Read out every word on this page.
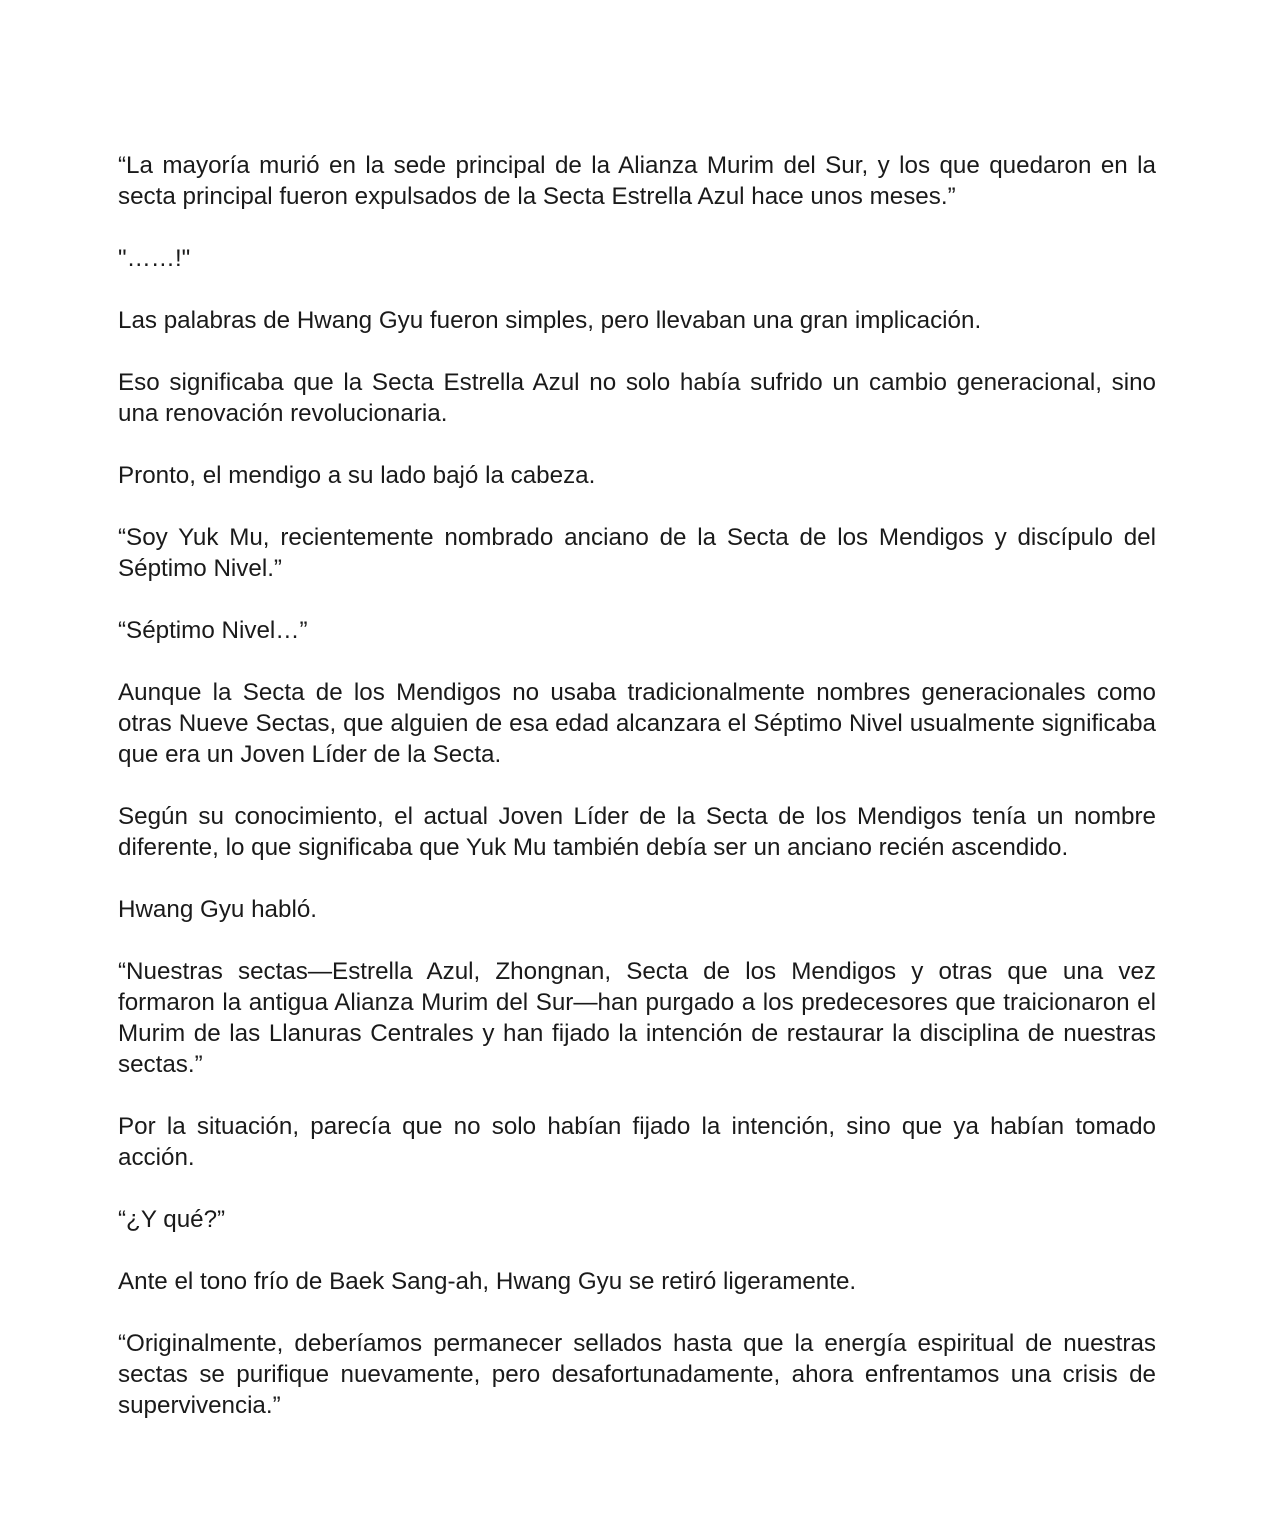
“La mayoría murió en la sede principal de la Alianza Murim del Sur, y los que quedaron en la secta principal fueron expulsados de la Secta Estrella Azul hace unos meses.”

"……!"

Las palabras de Hwang Gyu fueron simples, pero llevaban una gran implicación.

Eso significaba que la Secta Estrella Azul no solo había sufrido un cambio generacional, sino una renovación revolucionaria.

Pronto, el mendigo a su lado bajó la cabeza.

“Soy Yuk Mu, recientemente nombrado anciano de la Secta de los Mendigos y discípulo del Séptimo Nivel.”

“Séptimo Nivel…”

Aunque la Secta de los Mendigos no usaba tradicionalmente nombres generacionales como otras Nueve Sectas, que alguien de esa edad alcanzara el Séptimo Nivel usualmente significaba que era un Joven Líder de la Secta.

Según su conocimiento, el actual Joven Líder de la Secta de los Mendigos tenía un nombre diferente, lo que significaba que Yuk Mu también debía ser un anciano recién ascendido.

Hwang Gyu habló.

“Nuestras sectas—Estrella Azul, Zhongnan, Secta de los Mendigos y otras que una vez formaron la antigua Alianza Murim del Sur—han purgado a los predecesores que traicionaron el Murim de las Llanuras Centrales y han fijado la intención de restaurar la disciplina de nuestras sectas.”

Por la situación, parecía que no solo habían fijado la intención, sino que ya habían tomado acción.

“¿Y qué?”

Ante el tono frío de Baek Sang-ah, Hwang Gyu se retiró ligeramente.

“Originalmente, deberíamos permanecer sellados hasta que la energía espiritual de nuestras sectas se purifique nuevamente, pero desafortunadamente, ahora enfrentamos una crisis de supervivencia.”
